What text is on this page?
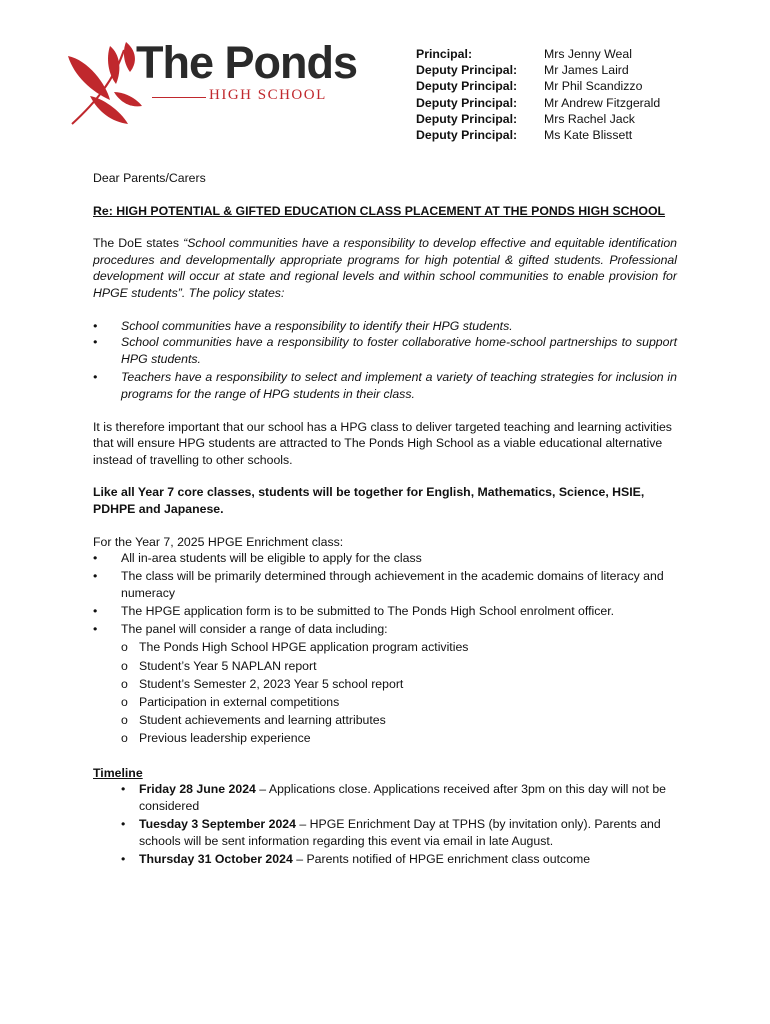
The Ponds
HIGH SCHOOL
Principal:	Mrs Jenny Weal
Deputy Principal:	Mr James Laird
Deputy Principal:	Mr Phil Scandizzo
Deputy Principal:	Mr Andrew Fitzgerald
Deputy Principal:	Mrs Rachel Jack
Deputy Principal:	Ms Kate Blissett

Dear Parents/Carers

Re: HIGH POTENTIAL & GIFTED EDUCATION CLASS PLACEMENT AT THE PONDS HIGH SCHOOL

The DoE states “School communities have a responsibility to develop effective and equitable identification procedures and developmentally appropriate programs for high potential & gifted students. Professional development will occur at state and regional levels and within school communities to enable provision for HPGE students”. The policy states:

• School communities have a responsibility to identify their HPG students.
• School communities have a responsibility to foster collaborative home-school partnerships to support HPG students.
• Teachers have a responsibility to select and implement a variety of teaching strategies for inclusion in programs for the range of HPG students in their class.

It is therefore important that our school has a HPG class to deliver targeted teaching and learning activities that will ensure HPG students are attracted to The Ponds High School as a viable educational alternative instead of travelling to other schools.

Like all Year 7 core classes, students will be together for English, Mathematics, Science, HSIE, PDHPE and Japanese.

For the Year 7, 2025 HPGE Enrichment class:

• All in-area students will be eligible to apply for the class
• The class will be primarily determined through achievement in the academic domains of literacy and numeracy
• The HPGE application form is to be submitted to The Ponds High School enrolment officer.
• The panel will consider a range of data including:
o The Ponds High School HPGE application program activities
o Student’s Year 5 NAPLAN report
o Student’s Semester 2, 2023 Year 5 school report
o Participation in external competitions
o Student achievements and learning attributes
o Previous leadership experience

Timeline

• Friday 28 June 2024 – Applications close. Applications received after 3pm on this day will not be considered
• Tuesday 3 September 2024 – HPGE Enrichment Day at TPHS (by invitation only). Parents and schools will be sent information regarding this event via email in late August.
• Thursday 31 October 2024 – Parents notified of HPGE enrichment class outcome
